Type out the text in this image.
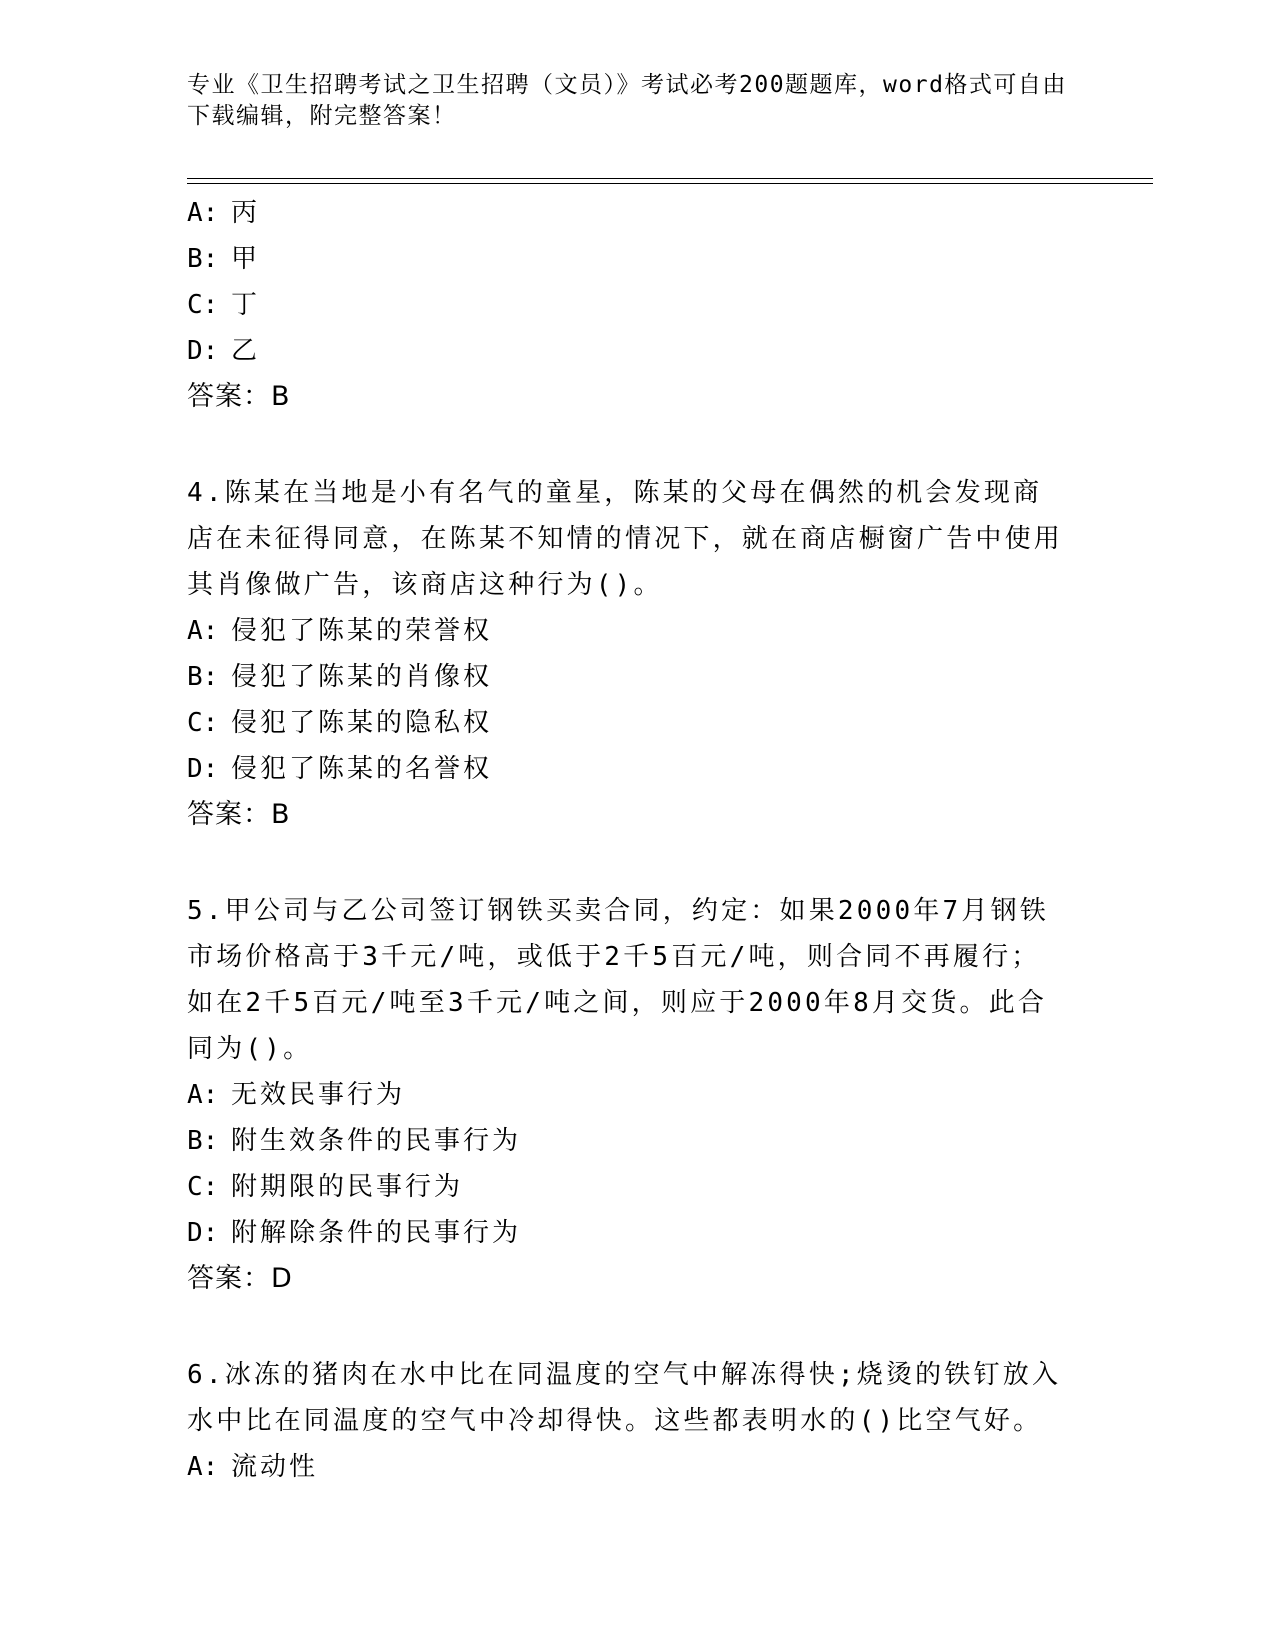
专业《卫生招聘考试之卫生招聘（文员）》考试必考200题题库，word格式可自由下载编辑，附完整答案！
A: 丙
B: 甲
C: 丁
D: 乙
答案：B
4.陈某在当地是小有名气的童星，陈某的父母在偶然的机会发现商店在未征得同意，在陈某不知情的情况下，就在商店橱窗广告中使用其肖像做广告，该商店这种行为()。
A: 侵犯了陈某的荣誉权
B: 侵犯了陈某的肖像权
C: 侵犯了陈某的隐私权
D: 侵犯了陈某的名誉权
答案：B
5.甲公司与乙公司签订钢铁买卖合同，约定：如果2000年7月钢铁市场价格高于3千元/吨，或低于2千5百元/吨，则合同不再履行；如在2千5百元/吨至3千元/吨之间，则应于2000年8月交货。此合同为()。
A: 无效民事行为
B: 附生效条件的民事行为
C: 附期限的民事行为
D: 附解除条件的民事行为
答案：D
6.冰冻的猪肉在水中比在同温度的空气中解冻得快;烧烫的铁钉放入水中比在同温度的空气中冷却得快。这些都表明水的()比空气好。
A: 流动性
